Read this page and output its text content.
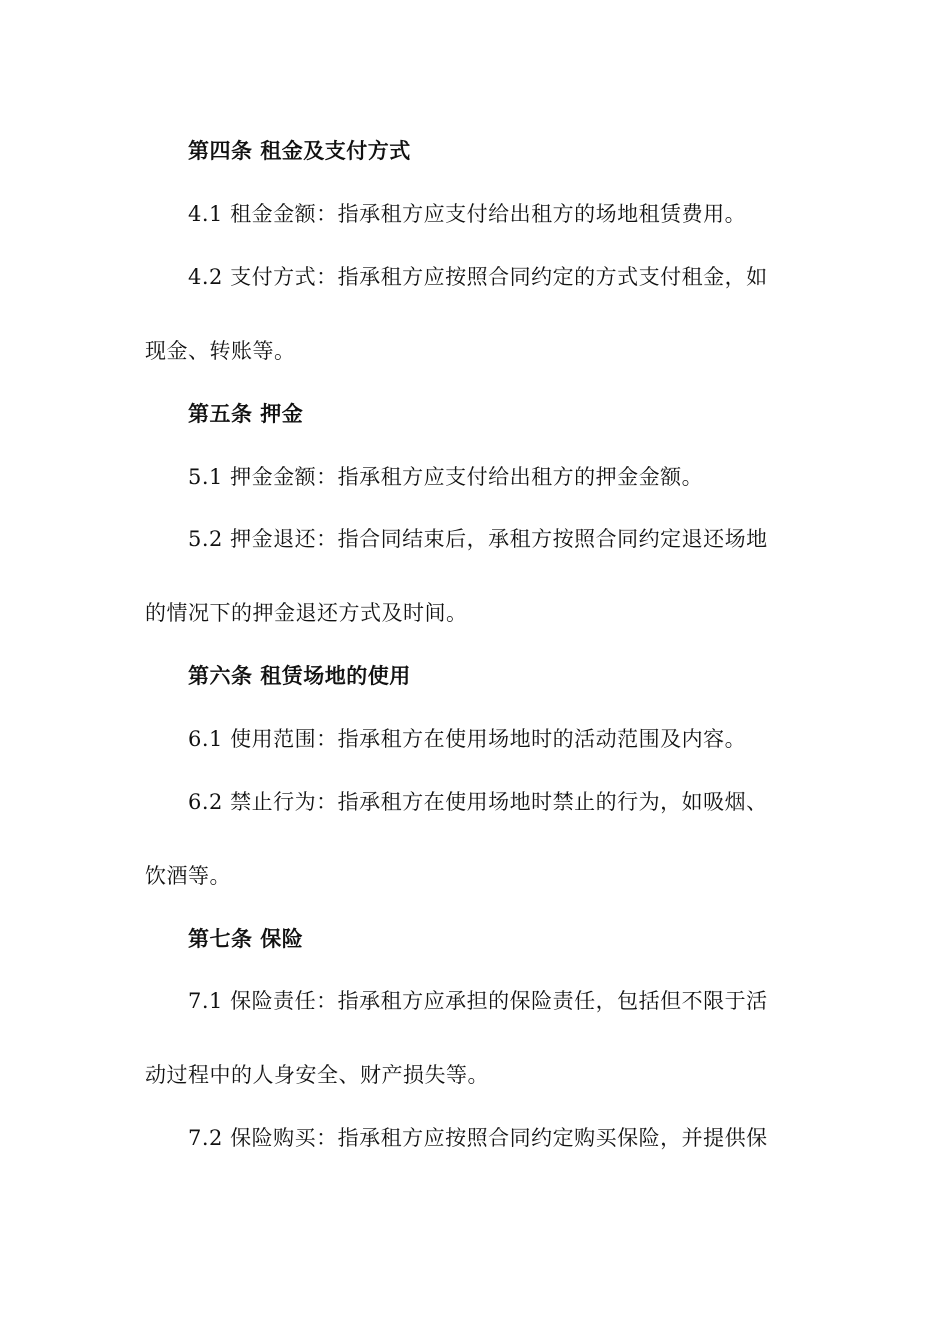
第四条 租金及支付方式
4.1 租金金额：指承租方应支付给出租方的场地租赁费用。
4.2 支付方式：指承租方应按照合同约定的方式支付租金，如
现金、转账等。
第五条 押金
5.1 押金金额：指承租方应支付给出租方的押金金额。
5.2 押金退还：指合同结束后，承租方按照合同约定退还场地
的情况下的押金退还方式及时间。
第六条 租赁场地的使用
6.1 使用范围：指承租方在使用场地时的活动范围及内容。
6.2 禁止行为：指承租方在使用场地时禁止的行为，如吸烟、
饮酒等。
第七条 保险
7.1 保险责任：指承租方应承担的保险责任，包括但不限于活
动过程中的人身安全、财产损失等。
7.2 保险购买：指承租方应按照合同约定购买保险，并提供保
